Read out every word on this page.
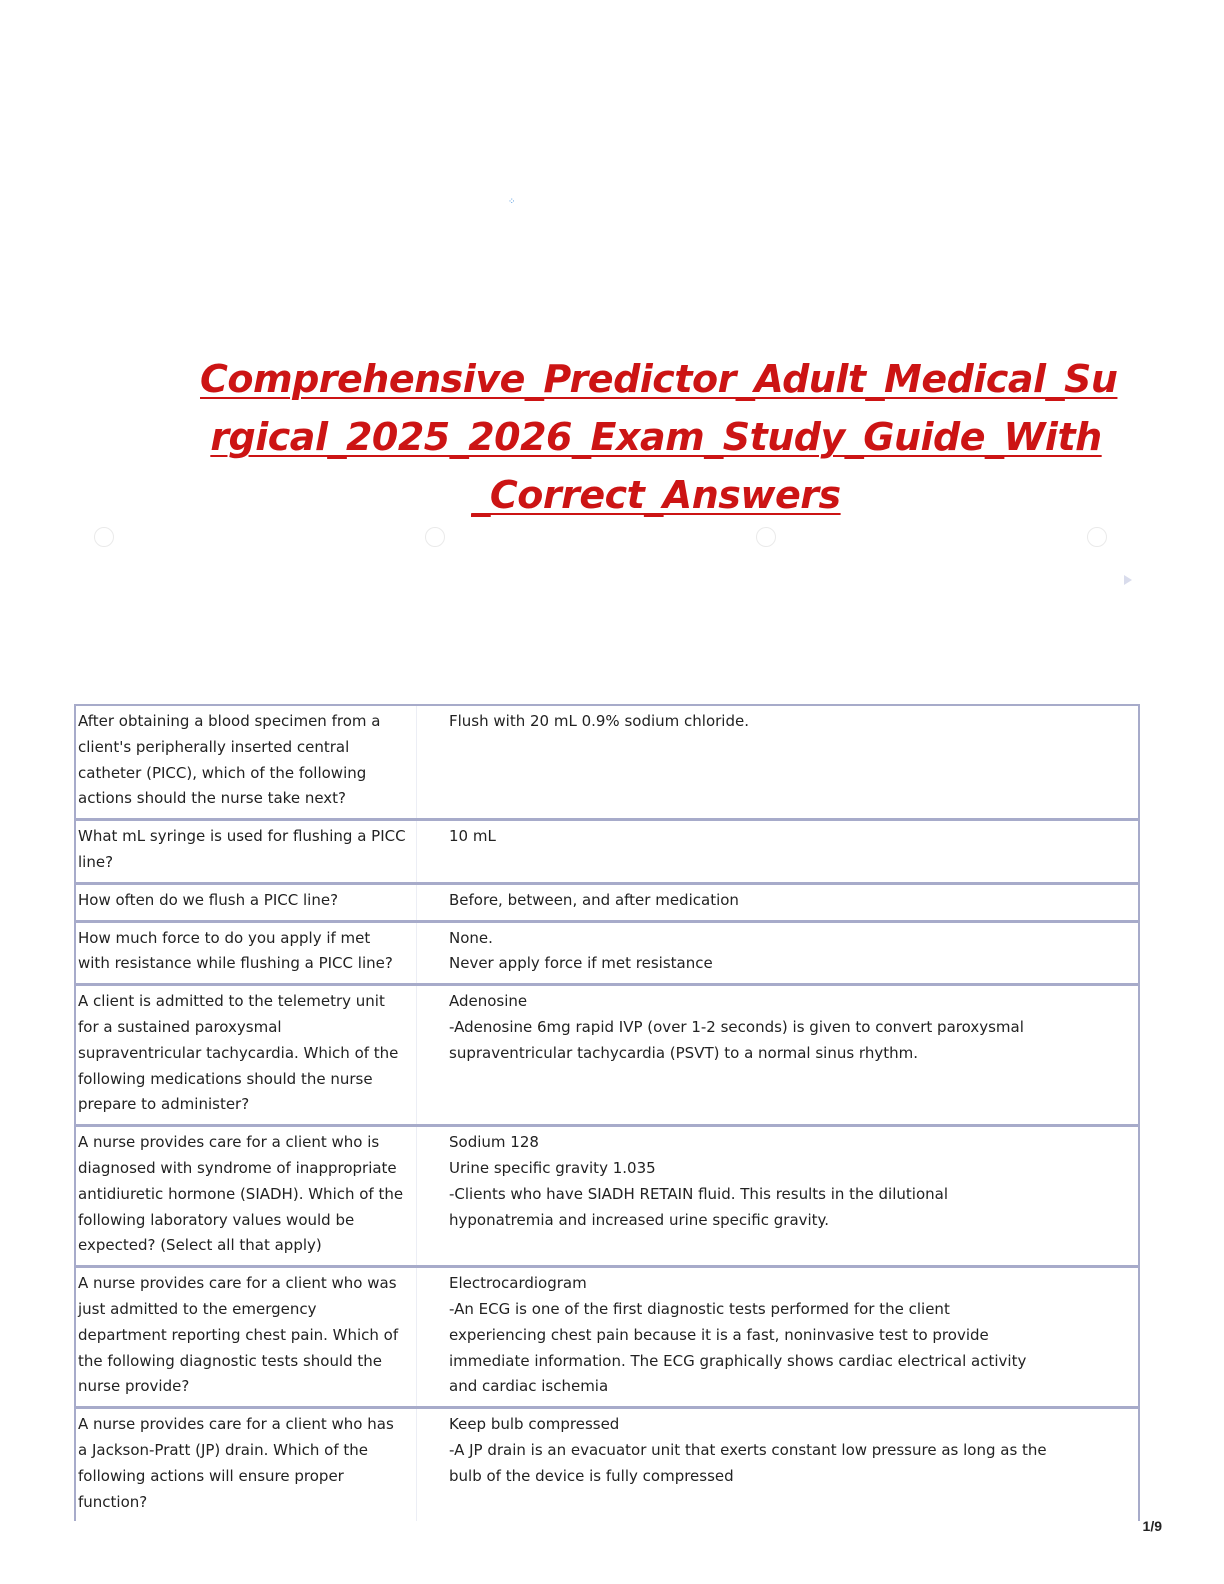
⁘
Comprehensive_Predictor_Adult_Medical_Su
rgical_2025_2026_Exam_Study_Guide_With
_Correct_Answers
After obtaining a blood specimen from a client's peripherally inserted central catheter (PICC), which of the following actions should the nurse take next?	Flush with 20 mL 0.9% sodium chloride.

What mL syringe is used for flushing a PICC line?	10 mL

How often do we flush a PICC line?	Before, between, and after medication

How much force to do you apply if met with resistance while flushing a PICC line?	None.
Never apply force if met resistance

A client is admitted to the telemetry unit for a sustained paroxysmal supraventricular tachycardia. Which of the following medications should the nurse prepare to administer?	Adenosine
-Adenosine 6mg rapid IVP (over 1-2 seconds) is given to convert paroxysmal supraventricular tachycardia (PSVT) to a normal sinus rhythm.

A nurse provides care for a client who is diagnosed with syndrome of inappropriate antidiuretic hormone (SIADH). Which of the following laboratory values would be expected? (Select all that apply)	Sodium 128
Urine specific gravity 1.035
-Clients who have SIADH RETAIN fluid. This results in the dilutional hyponatremia and increased urine specific gravity.

A nurse provides care for a client who was just admitted to the emergency department reporting chest pain. Which of the following diagnostic tests should the nurse provide?	Electrocardiogram
-An ECG is one of the first diagnostic tests performed for the client experiencing chest pain because it is a fast, noninvasive test to provide immediate information. The ECG graphically shows cardiac electrical activity and cardiac ischemia

A nurse provides care for a client who has a Jackson-Pratt (JP) drain. Which of the following actions will ensure proper function?	Keep bulb compressed
-A JP drain is an evacuator unit that exerts constant low pressure as long as the bulb of the device is fully compressed
1/9
